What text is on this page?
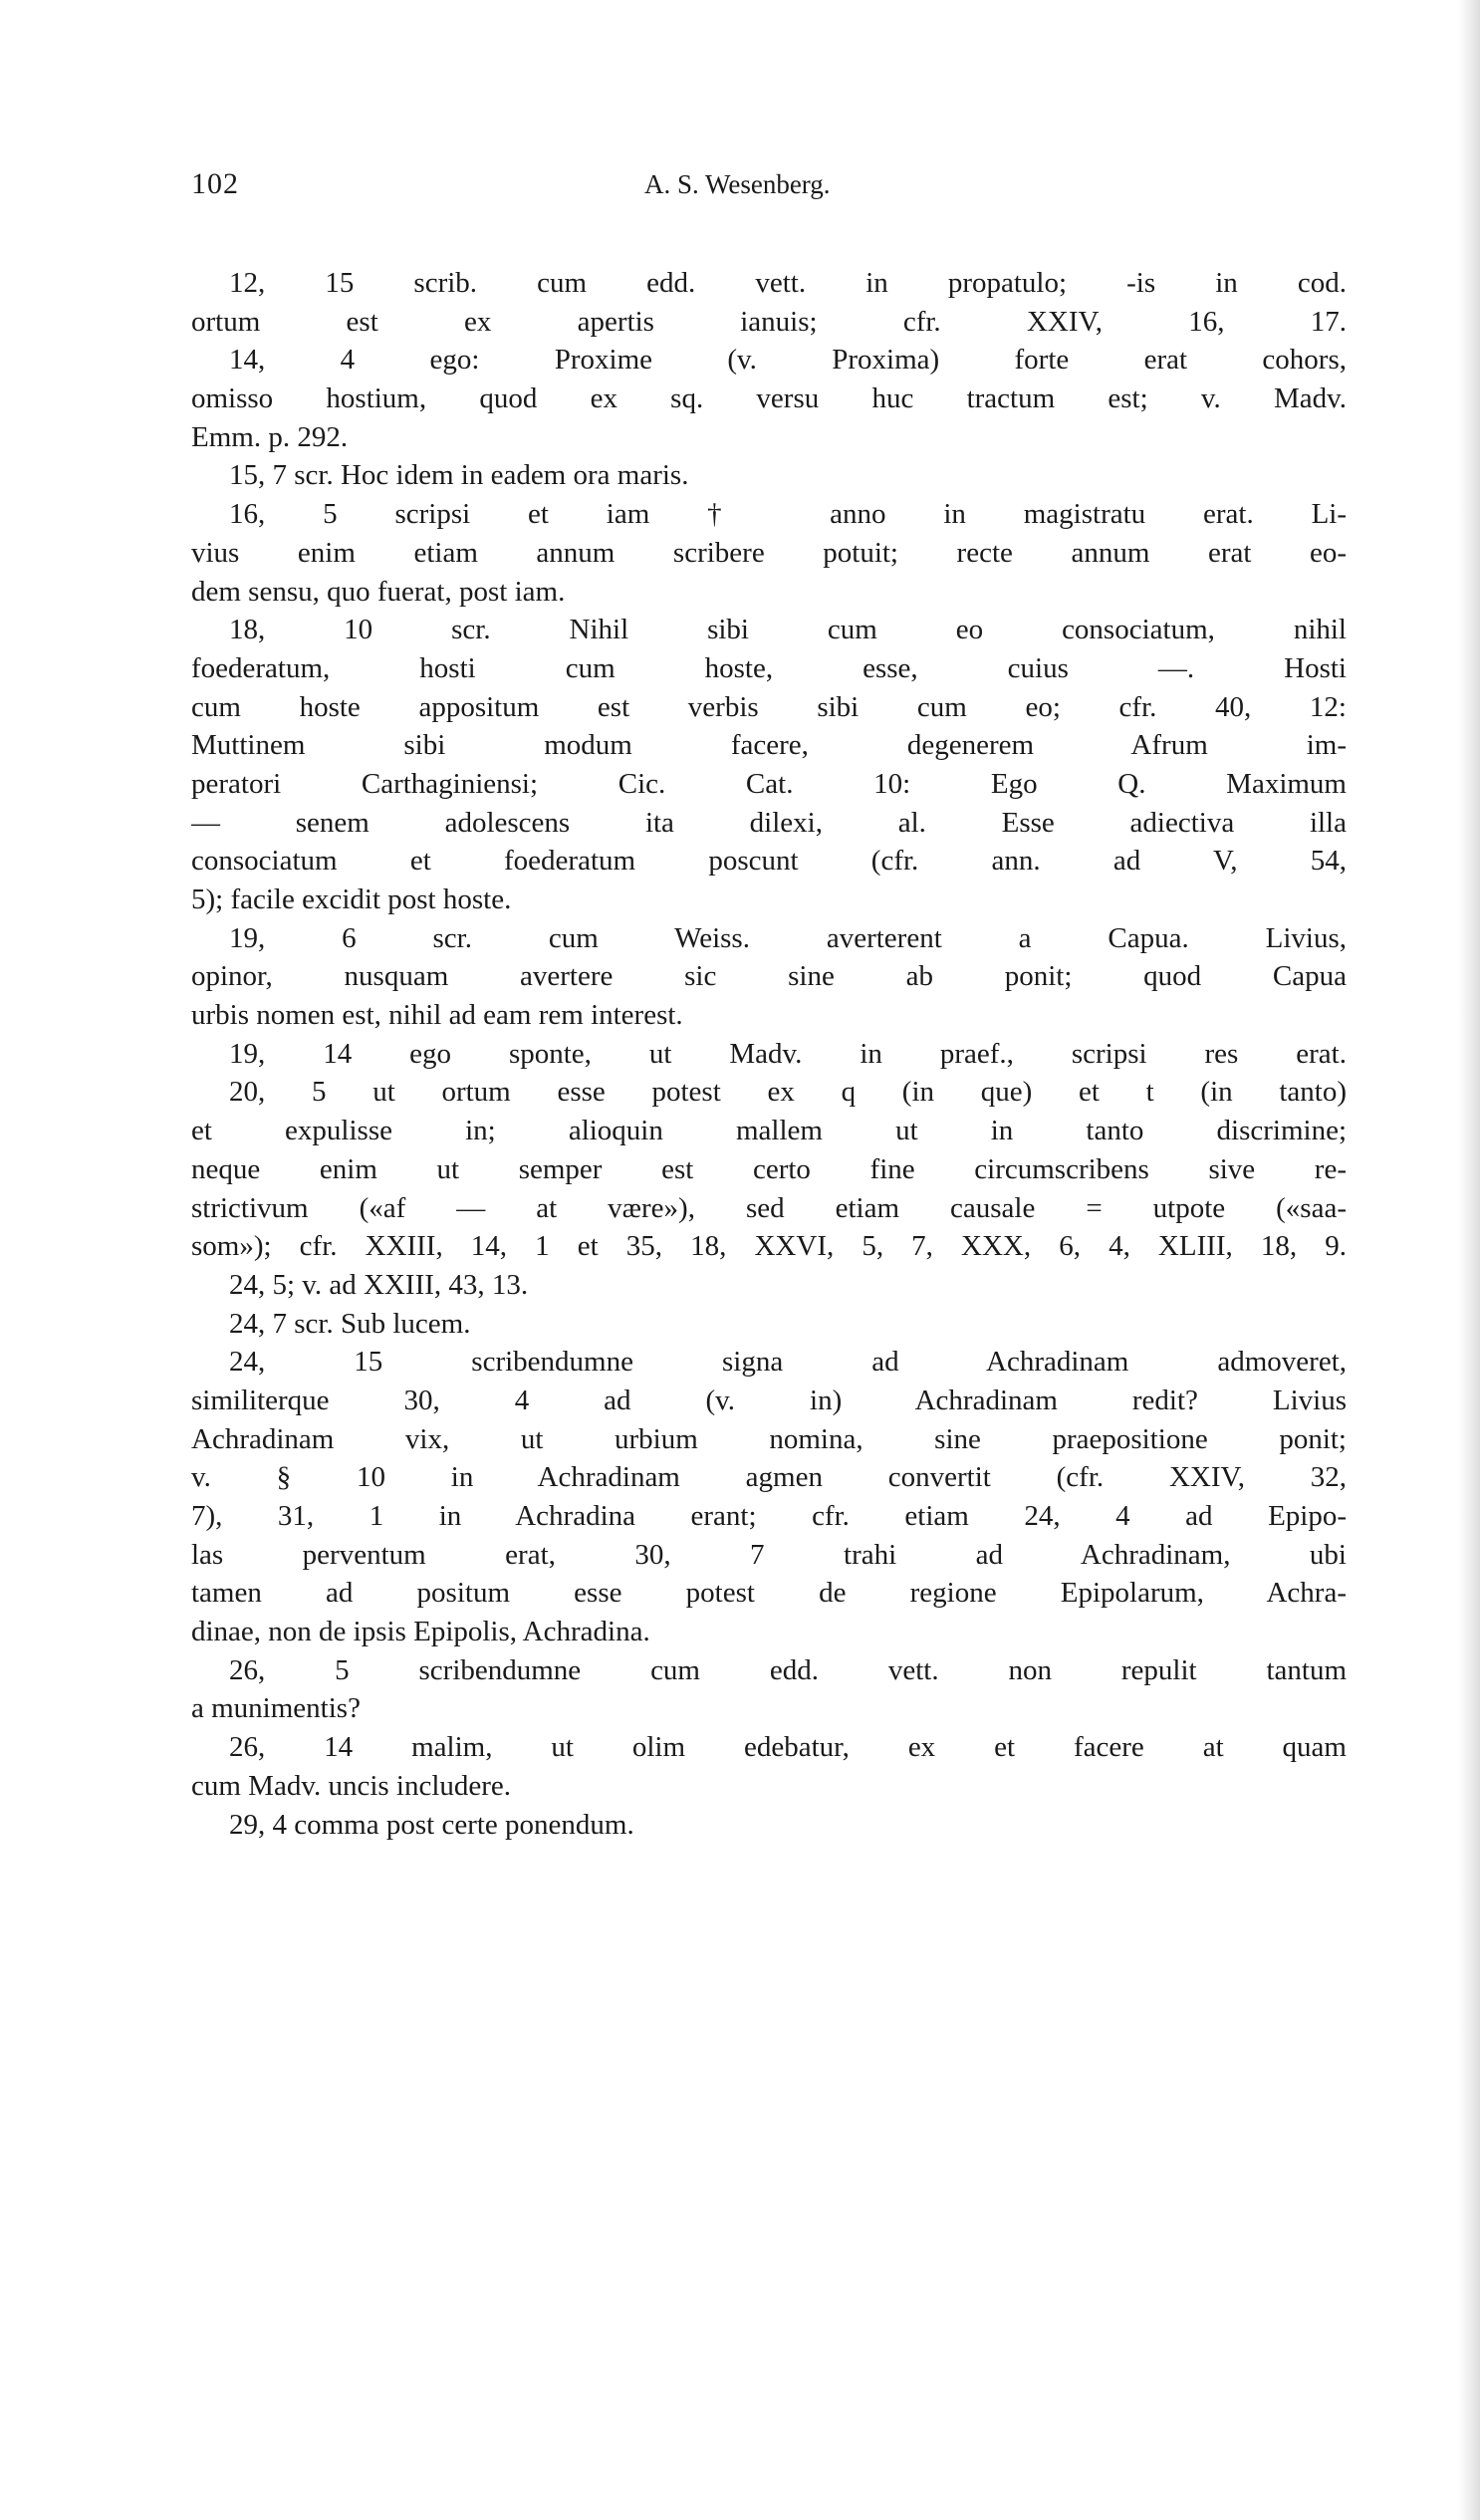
102	A. S. Wesenberg.
12, 15 scrib. cum edd. vett. in propatulo; -is in cod.
ortum est ex apertis ianuis; cfr. XXIV, 16, 17.
14, 4 ego: Proxime (v. Proxima) forte erat cohors,
omisso hostium, quod ex sq. versu huc tractum est; v. Madv.
Emm. p. 292.
15, 7 scr. Hoc idem in eadem ora maris.
16, 5 scripsi et iam † anno in magistratu erat. Li-
vius enim etiam annum scribere potuit; recte annum erat eo-
dem sensu, quo fuerat, post iam.
18, 10 scr. Nihil sibi cum eo consociatum, nihil
foederatum, hosti cum hoste, esse, cuius —. Hosti
cum hoste appositum est verbis sibi cum eo; cfr. 40, 12:
Muttinem sibi modum facere, degenerem Afrum im-
peratori Carthaginiensi; Cic. Cat. 10: Ego Q. Maximum
— senem adolescens ita dilexi, al. Esse adiectiva illa
consociatum et foederatum poscunt (cfr. ann. ad V, 54,
5); facile excidit post hoste.
19, 6 scr. cum Weiss. averterent a Capua. Livius,
opinor, nusquam avertere sic sine ab ponit; quod Capua
urbis nomen est, nihil ad eam rem interest.
19, 14 ego sponte, ut Madv. in praef., scripsi res erat.
20, 5 ut ortum esse potest ex q (in que) et t (in tanto)
et expulisse in; alioquin mallem ut in tanto discrimine;
neque enim ut semper est certo fine circumscribens sive re-
strictivum («af — at være»), sed etiam causale = utpote («saa-
som»); cfr. XXIII, 14, 1 et 35, 18, XXVI, 5, 7, XXX, 6, 4, XLIII, 18, 9.
24, 5; v. ad XXIII, 43, 13.
24, 7 scr. Sub lucem.
24, 15 scribendumne signa ad Achradinam admoveret,
similiterque 30, 4 ad (v. in) Achradinam redit? Livius
Achradinam vix, ut urbium nomina, sine praepositione ponit;
v. § 10 in Achradinam agmen convertit (cfr. XXIV, 32,
7), 31, 1 in Achradina erant; cfr. etiam 24, 4 ad Epipo-
las perventum erat, 30, 7 trahi ad Achradinam, ubi
tamen ad positum esse potest de regione Epipolarum, Achra-
dinae, non de ipsis Epipolis, Achradina.
26, 5 scribendumne cum edd. vett. non repulit tantum
a munimentis?
26, 14 malim, ut olim edebatur, ex et facere at quam
cum Madv. uncis includere.
29, 4 comma post certe ponendum.
